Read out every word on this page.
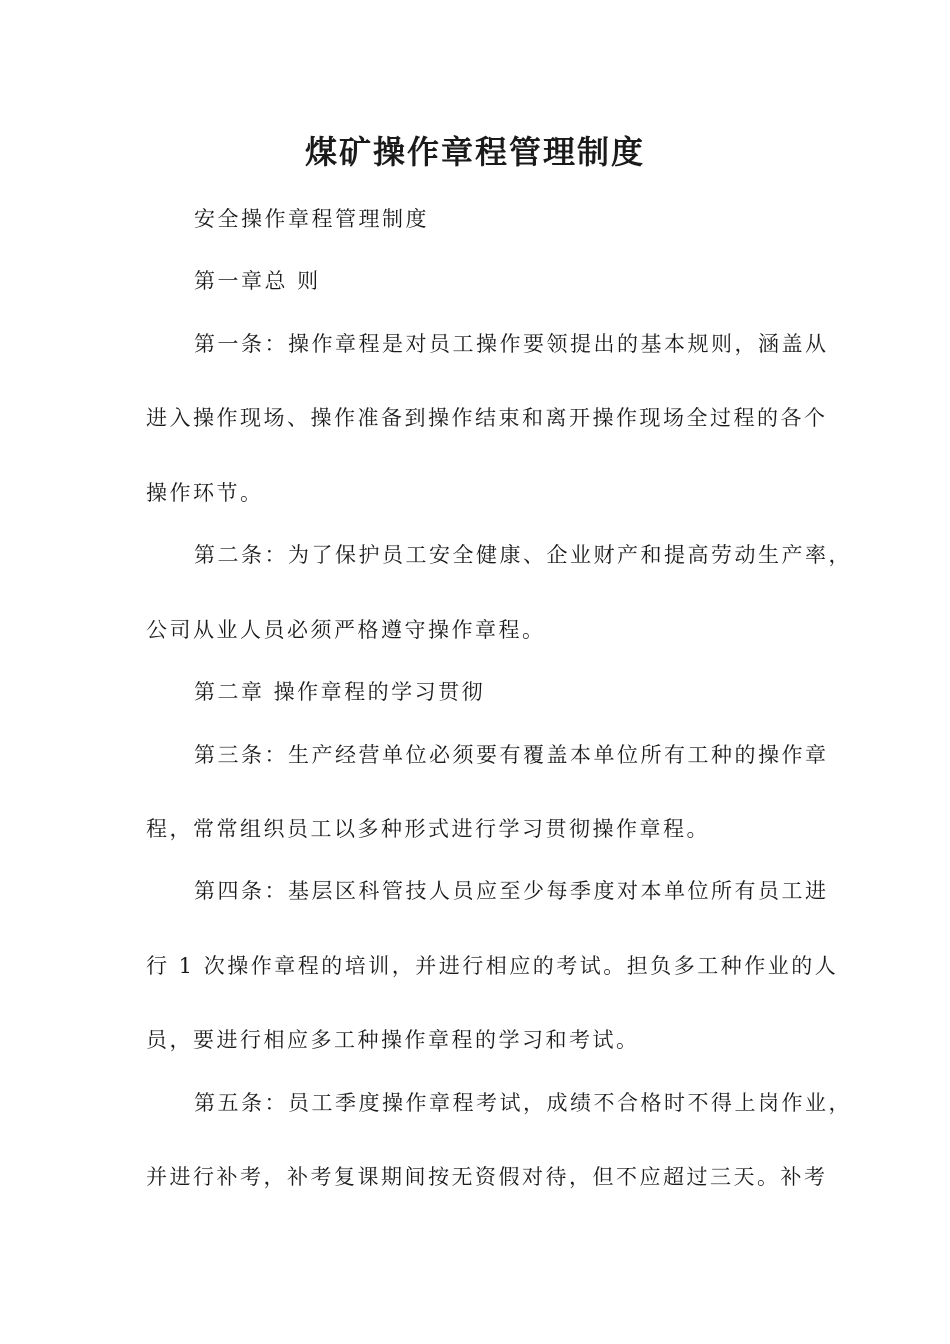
煤矿操作章程管理制度

安全操作章程管理制度

第一章总 则

第一条：操作章程是对员工操作要领提出的基本规则，涵盖从

进入操作现场、操作准备到操作结束和离开操作现场全过程的各个

操作环节。

第二条：为了保护员工安全健康、企业财产和提高劳动生产率，

公司从业人员必须严格遵守操作章程。

第二章 操作章程的学习贯彻

第三条：生产经营单位必须要有覆盖本单位所有工种的操作章

程，常常组织员工以多种形式进行学习贯彻操作章程。

第四条：基层区科管技人员应至少每季度对本单位所有员工进

行 1 次操作章程的培训，并进行相应的考试。担负多工种作业的人

员，要进行相应多工种操作章程的学习和考试。

第五条：员工季度操作章程考试，成绩不合格时不得上岗作业，

并进行补考，补考复课期间按无资假对待，但不应超过三天。补考
